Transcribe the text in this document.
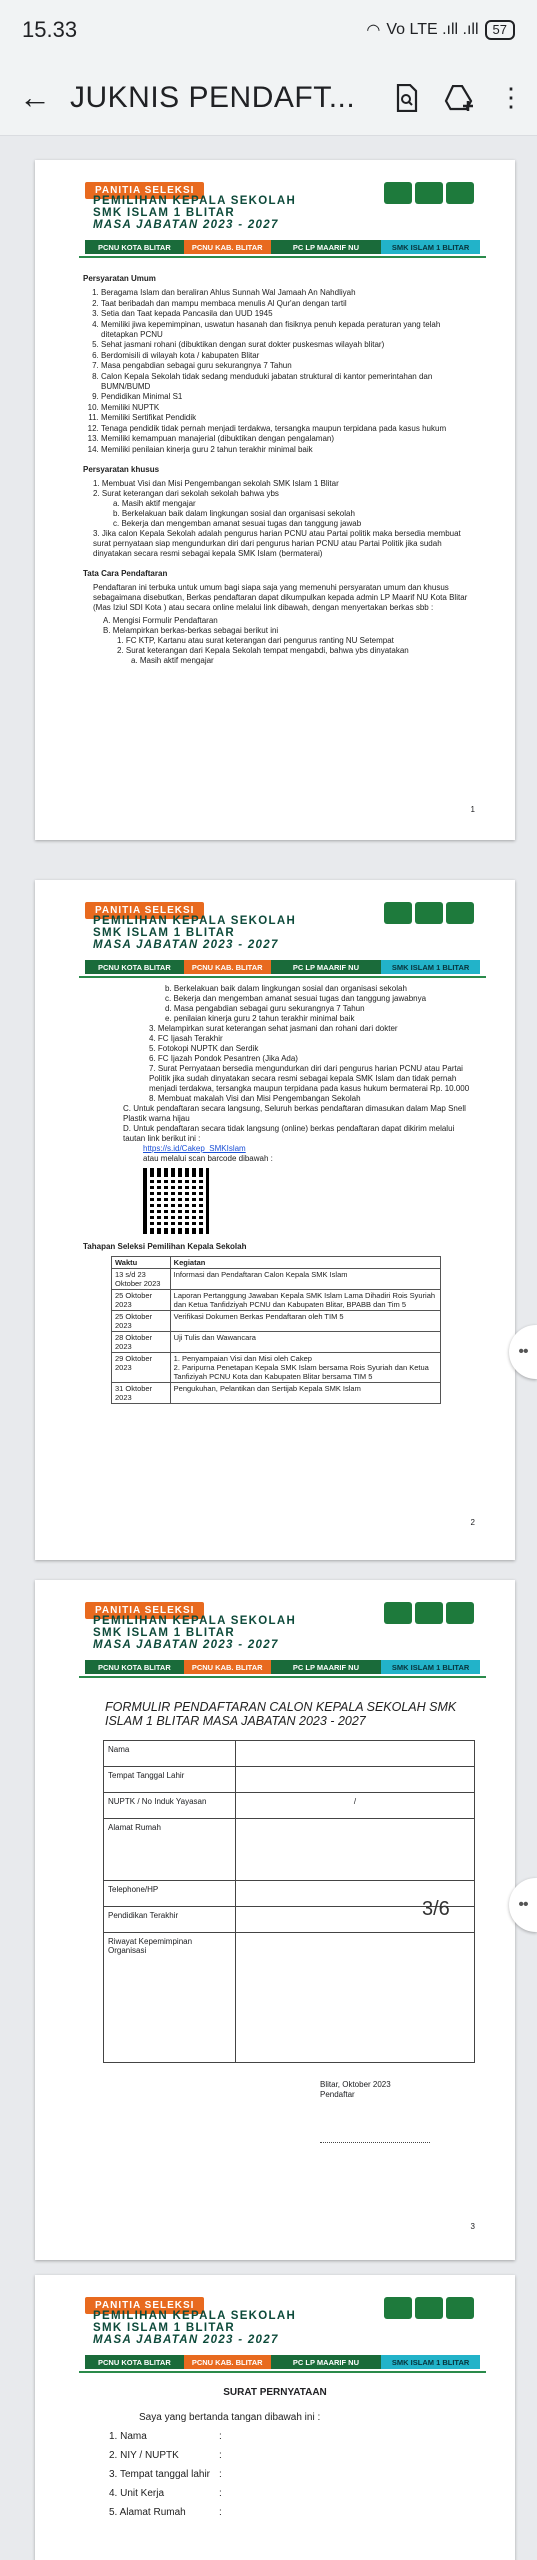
15.33	◠ Vo LTE .ıll .ıll	57
← JUKNIS PENDAFT...	⋮
PANITIA SELEKSI
PEMILIHAN KEPALA SEKOLAH
SMK ISLAM 1 BLITAR
MASA JABATAN 2023 - 2027
PCNU KOTA BLITAR	PCNU KAB. BLITAR	PC LP MAARIF NU	SMK ISLAM 1 BLITAR
Persyaratan Umum
1. Beragama Islam dan beraliran Ahlus Sunnah Wal Jamaah An Nahdliyah
2. Taat beribadah dan mampu membaca menulis Al Qur'an dengan tartil
3. Setia dan Taat kepada Pancasila dan UUD 1945
4. Memiliki jiwa kepemimpinan, uswatun hasanah dan fisiknya penuh kepada peraturan yang telah ditetapkan PCNU
5. Sehat jasmani rohani (dibuktikan dengan surat dokter puskesmas wilayah blitar)
6. Berdomisili di wilayah kota / kabupaten Blitar
7. Masa pengabdian sebagai guru sekurangnya 7 Tahun
8. Calon Kepala Sekolah tidak sedang menduduki jabatan struktural di kantor pemerintahan dan BUMN/BUMD
9. Pendidikan Minimal S1
10. Memiliki NUPTK
11. Memiliki Sertifikat Pendidik
12. Tenaga pendidik tidak pernah menjadi terdakwa, tersangka maupun terpidana pada kasus hukum
13. Memiliki kemampuan manajerial (dibuktikan dengan pengalaman)
14. Memiliki penilaian kinerja guru 2 tahun terakhir minimal baik
Persyaratan khusus

1. Membuat Visi dan Misi Pengembangan sekolah SMK Islam 1 Blitar

2. Surat keterangan dari sekolah sekolah bahwa ybs

a. Masih aktif mengajar

b. Berkelakuan baik dalam lingkungan sosial dan organisasi sekolah

c. Bekerja dan mengemban amanat sesuai tugas dan tanggung jawab

3. Jika calon Kepala Sekolah adalah pengurus harian PCNU atau Partai politik maka bersedia membuat surat pernyataan siap mengundurkan diri dari pengurus harian PCNU atau Partai Politik jika sudah dinyatakan secara resmi sebagai kepala SMK Islam (bermaterai)

Tata Cara Pendaftaran

Pendaftaran ini terbuka untuk umum bagi siapa saja yang memenuhi persyaratan umum dan khusus sebagaimana disebutkan, Berkas pendaftaran dapat dikumpulkan kepada admin LP Maarif NU Kota Blitar (Mas Iziul SDI Kota ) atau secara online melalui link dibawah, dengan menyertakan berkas sbb :

A. Mengisi Formulir Pendaftaran

B. Melampirkan berkas-berkas sebagai berikut ini

1. FC KTP, Kartanu atau surat keterangan dari pengurus ranting NU Setempat

2. Surat keterangan dari Kepala Sekolah tempat mengabdi, bahwa ybs dinyatakan

a. Masih aktif mengajar

1
PANITIA SELEKSI
PEMILIHAN KEPALA SEKOLAH
SMK ISLAM 1 BLITAR
MASA JABATAN 2023 - 2027
PCNU KOTA BLITAR	PCNU KAB. BLITAR	PC LP MAARIF NU	SMK ISLAM 1 BLITAR

b. Berkelakuan baik dalam lingkungan sosial dan organisasi sekolah

c. Bekerja dan mengemban amanat sesuai tugas dan tanggung jawabnya

d. Masa pengabdian sebagai guru sekurangnya 7 Tahun

e. penilaian kinerja guru 2 tahun terakhir minimal baik

3. Melampirkan surat keterangan sehat jasmani dan rohani dari dokter

4. FC Ijasah Terakhir

5. Fotokopi NUPTK dan Serdik

6. FC Ijazah Pondok Pesantren (Jika Ada)

7. Surat Pernyataan bersedia mengundurkan diri dari pengurus harian PCNU atau Partai Politik jika sudah dinyatakan secara resmi sebagai kepala SMK Islam dan tidak pernah menjadi terdakwa, tersangka maupun terpidana pada kasus hukum bermaterai Rp. 10.000

8. Membuat makalah Visi dan Misi Pengembangan Sekolah

C. Untuk pendaftaran secara langsung, Seluruh berkas pendaftaran dimasukan dalam Map Snell Plastik warna hijau

D. Untuk pendaftaran secara tidak langsung (online) berkas pendaftaran dapat dikirim melalui tautan link berikut ini :

https://s.id/Cakep_SMKIslam

atau melalui scan barcode dibawah :

Tahapan Seleksi Pemilihan Kepala Sekolah
Waktu	Kegiatan
13 s/d 23 Oktober 2023	Informasi dan Pendaftaran Calon Kepala SMK Islam
25 Oktober 2023	Laporan Pertanggung Jawaban Kepala SMK Islam Lama Dihadiri Rois Syuriah dan Ketua Tanfidziyah PCNU dan Kabupaten Blitar, BPABB dan Tim 5
25 Oktober 2023	Verifikasi Dokumen Berkas Pendaftaran oleh TIM 5
28 Oktober 2023	Uji Tulis dan Wawancara
29 Oktober 2023	1. Penyampaian Visi dan Misi oleh Cakep
2. Paripurna Penetapan Kepala SMK Islam bersama Rois Syuriah dan Ketua Tanfiziyah PCNU Kota dan Kabupaten Blitar bersama TIM 5
31 Oktober 2023	Pengukuhan, Pelantikan dan Sertijab Kepala SMK Islam
2
••
PANITIA SELEKSI
PEMILIHAN KEPALA SEKOLAH
SMK ISLAM 1 BLITAR
MASA JABATAN 2023 - 2027
PCNU KOTA BLITAR	PCNU KAB. BLITAR	PC LP MAARIF NU	SMK ISLAM 1 BLITAR
FORMULIR PENDAFTARAN CALON KEPALA SEKOLAH SMK ISLAM 1 BLITAR MASA JABATAN 2023 - 2027
Nama	
Tempat Tanggal Lahir	
NUPTK / No Induk Yayasan	/
Alamat Rumah	
Telephone/HP	
Pendidikan Terakhir	
Riwayat Kepemimpinan Organisasi	
Blitar, Oktober 2023
Pendaftar
3
3/6	••
PANITIA SELEKSI
PEMILIHAN KEPALA SEKOLAH
SMK ISLAM 1 BLITAR
MASA JABATAN 2023 - 2027
PCNU KOTA BLITAR	PCNU KAB. BLITAR	PC LP MAARIF NU	SMK ISLAM 1 BLITAR
SURAT PERNYATAAN
Saya yang bertanda tangan dibawah ini :
1. Nama	:
2. NIY / NUPTK	:
3. Tempat tanggal lahir :
4. Unit Kerja	:
5. Alamat Rumah	:
